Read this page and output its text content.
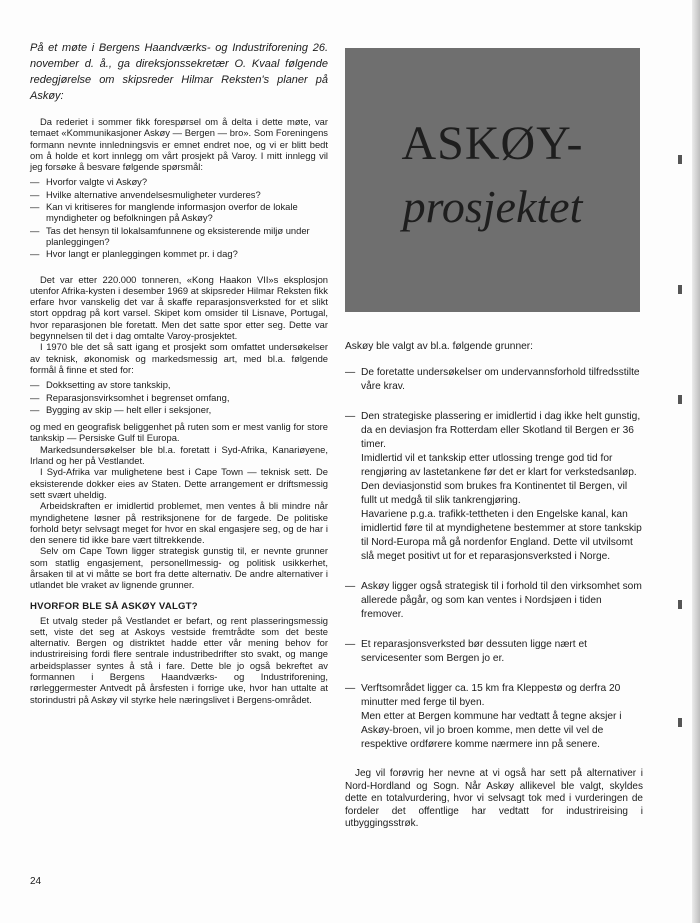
ASKØY-
prosjektet

På et møte i Bergens Haandværks- og Industriforening 26. november d. å., ga direksjonssekretær O. Kvaal følgende redegjørelse om skipsreder Hilmar Reksten's planer på Askøy:

Da rederiet i sommer fikk forespørsel om å delta i dette møte, var temaet «Kommunikasjoner Askøy — Bergen — bro». Som Foreningens formann nevnte innledningsvis er emnet endret noe, og vi er blitt bedt om å holde et kort innlegg om vårt prosjekt på Varoy. I mitt innlegg vil jeg forsøke å besvare følgende spørsmål:

— Hvorfor valgte vi Askøy?
— Hvilke alternative anvendelsesmuligheter vurderes?
— Kan vi kritiseres for manglende informasjon overfor de lokale myndigheter og befolkningen på Askøy?
— Tas det hensyn til lokalsamfunnene og eksisterende miljø under planleggingen?
— Hvor langt er planleggingen kommet pr. i dag?

Det var etter 220.000 tonneren, «Kong Haakon VII»s eksplosjon utenfor Afrika-kysten i desember 1969 at skipsreder Hilmar Reksten fikk erfare hvor vanskelig det var å skaffe reparasjonsverksted for et slikt stort oppdrag på kort varsel. Skipet kom omsider til Lisnave, Portugal, hvor reparasjonen ble foretatt. Men det satte spor etter seg. Dette var begynnelsen til det i dag omtalte Varoy-prosjektet.

I 1970 ble det så satt igang et prosjekt som omfattet undersøkelser av teknisk, økonomisk og markedsmessig art, med bl.a. følgende formål å finne et sted for:

— Dokksetting av store tankskip,
— Reparasjonsvirksomhet i begrenset omfang,
— Bygging av skip — helt eller i seksjoner,

og med en geografisk beliggenhet på ruten som er mest vanlig for store tankskip — Persiske Gulf til Europa.

Markedsundersøkelser ble bl.a. foretatt i Syd-Afrika, Kanariøyene, Irland og her på Vestlandet.

I Syd-Afrika var mulighetene best i Cape Town — teknisk sett. De eksisterende dokker eies av Staten. Dette arrangement er driftsmessig sett svært uheldig.

Arbeidskraften er imidlertid problemet, men ventes å bli mindre når myndighetene løsner på restriksjonene for de fargede. De politiske forhold betyr selvsagt meget for hvor en skal engasjere seg, og de har i den senere tid ikke bare vært tiltrekkende.

Selv om Cape Town ligger strategisk gunstig til, er nevnte grunner som statlig engasjement, personellmessig- og politisk usikkerhet, årsaken til at vi måtte se bort fra dette alternativ. De andre alternativer i utlandet ble vraket av lignende grunner.

HVORFOR BLE SÅ ASKØY VALGT?

Et utvalg steder på Vestlandet er befart, og rent plasseringsmessig sett, viste det seg at Askoys vestside fremtrådte som det beste alternativ. Bergen og distriktet hadde etter vår mening behov for industrireising fordi flere sentrale industribedrifter sto svakt, og mange arbeidsplasser syntes å stå i fare. Dette ble jo også bekreftet av formannen i Bergens Haandværks- og Industriforening, rørleggermester Antvedt på årsfesten i forrige uke, hvor han uttalte at storindustri på Askøy vil styrke hele næringslivet i Bergens-området.

Askøy ble valgt av bl.a. følgende grunner:

— De foretatte undersøkelser om undervannsforhold tilfredsstilte våre krav.
— Den strategiske plassering er imidlertid i dag ikke helt gunstig, da en deviasjon fra Rotterdam eller Skotland til Bergen er 36 timer.
Imidlertid vil et tankskip etter utlossing trenge god tid for rengjøring av lastetankene før det er klart for verkstedsanløp. Den deviasjonstid som brukes fra Kontinentet til Bergen, vil fullt ut medgå til slik tankrengjøring.
Havariene p.g.a. trafikk-tettheten i den Engelske kanal, kan imidlertid føre til at myndighetene bestemmer at store tankskip til Nord-Europa må gå nordenfor England. Dette vil utvilsomt slå meget positivt ut for et reparasjonsverksted i Norge.
— Askøy ligger også strategisk til i forhold til den virksomhet som allerede pågår, og som kan ventes i Nordsjøen i tiden fremover.
— Et reparasjonsverksted bør dessuten ligge nært et servicesenter som Bergen jo er.
— Verftsområdet ligger ca. 15 km fra Kleppestø og derfra 20 minutter med ferge til byen.
Men etter at Bergen kommune har vedtatt å tegne aksjer i Askøy-broen, vil jo broen komme, men dette vil vel de respektive ordførere komme nærmere inn på senere.

Jeg vil forøvrig her nevne at vi også har sett på alternativer i Nord-Hordland og Sogn. Når Askøy allikevel ble valgt, skyldes dette en totalvurdering, hvor vi selvsagt tok med i vurderingen de fordeler det offentlige har vedtatt for industrireising i utbyggingsstrøk.

24
